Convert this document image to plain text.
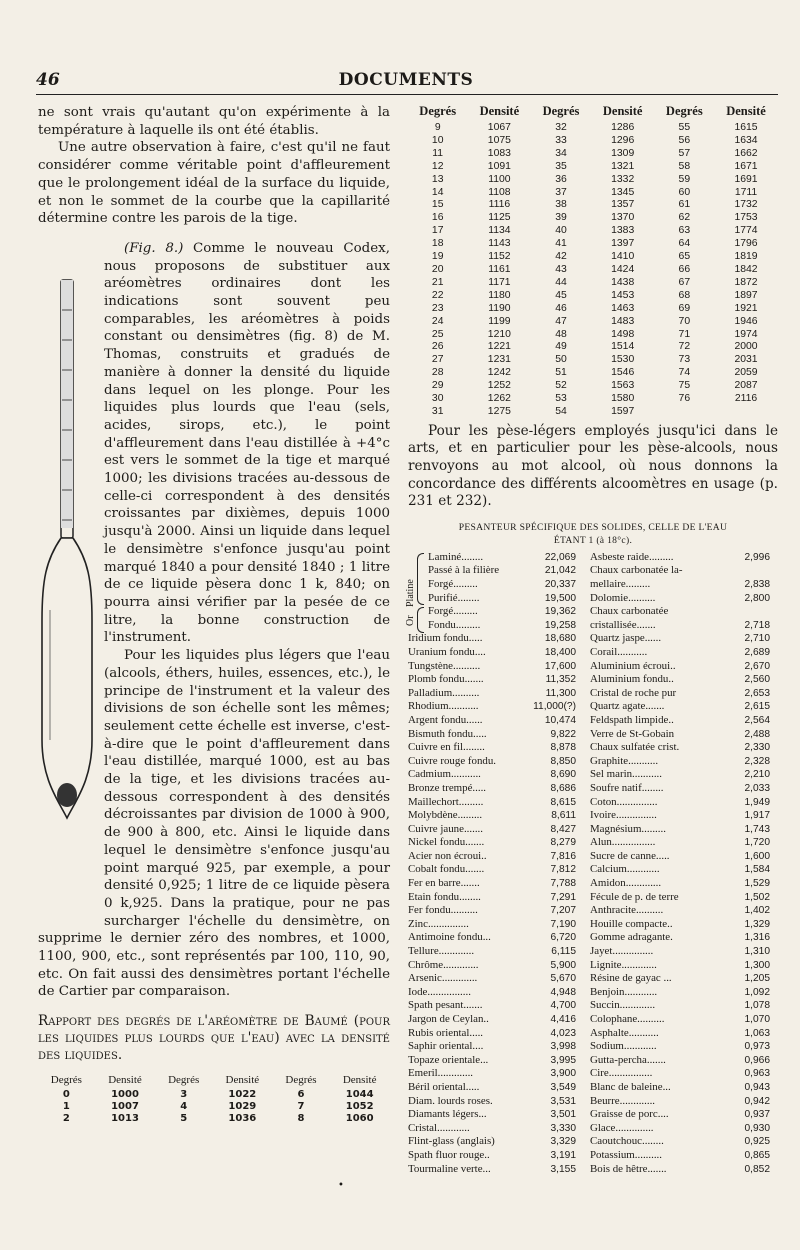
46	DOCUMENTS

ne sont vrais qu'autant qu'on expérimente à la température à laquelle ils ont été établis.

Une autre observation à faire, c'est qu'il ne faut considérer comme véritable point d'affleurement que le prolongement idéal de la surface du liquide, et non le sommet de la courbe que la capillarité détermine contre les parois de la tige.

(Fig. 8.) Comme le nouveau Codex, nous proposons de substituer aux aréomètres ordinaires dont les indications sont souvent peu comparables, les aréomètres à poids constant ou densimètres (fig. 8) de M. Thomas, construits et gradués de manière à donner la densité du liquide dans lequel on les plonge. Pour les liquides plus lourds que l'eau (sels, acides, sirops, etc.), le point d'affleurement dans l'eau distillée à +4°c est vers le sommet de la tige et marqué 1000; les divisions tracées au-dessous de celle-ci correspondent à des densités croissantes par dixièmes, depuis 1000 jusqu'à 2000. Ainsi un liquide dans lequel le densimètre s'enfonce jusqu'au point marqué 1840 a pour densité 1840 ; 1 litre de ce liquide pèsera donc 1 k, 840; on pourra ainsi vérifier par la pesée de ce litre, la bonne construction de l'instrument.

Pour les liquides plus légers que l'eau (alcools, éthers, huiles, essences, etc.), le principe de l'instrument et la valeur des divisions de son échelle sont les mêmes; seulement cette échelle est inverse, c'est-à-dire que le point d'affleurement dans l'eau distillée, marqué 1000, est au bas de la tige, et les divisions tracées au-dessous correspondent à des densités décroissantes par division de 1000 à 900, de 900 à 800, etc. Ainsi le liquide dans lequel le densimètre s'enfonce jusqu'au point marqué 925, par exemple, a pour densité 0,925; 1 litre de ce liquide pèsera 0 k,925. Dans la pratique, pour ne pas surcharger l'échelle du densimètre, on supprime le dernier zéro des nombres, et 1000, 1100, 900, etc., sont représentés par 100, 110, 90, etc. On fait aussi des densimètres portant l'échelle de Cartier par comparaison.

Rapport des degrés de l'aréomètre de Baumé (pour les liquides plus lourds que l'eau) avec la densité des liquides.

Degrés	Densité	Degrés	Densité	Degrés	Densité
0	1000	3	1022	6	1044
1	1007	4	1029	7	1052
2	1013	5	1036	8	1060
Degrés	Densité	Degrés	Densité	Degrés	Densité
9	1067	32	1286	55	1615
10	1075	33	1296	56	1634
11	1083	34	1309	57	1662
12	1091	35	1321	58	1671
13	1100	36	1332	59	1691
14	1108	37	1345	60	1711
15	1116	38	1357	61	1732
16	1125	39	1370	62	1753
17	1134	40	1383	63	1774
18	1143	41	1397	64	1796
19	1152	42	1410	65	1819
20	1161	43	1424	66	1842
21	1171	44	1438	67	1872
22	1180	45	1453	68	1897
23	1190	46	1463	69	1921
24	1199	47	1483	70	1946
25	1210	48	1498	71	1974
26	1221	49	1514	72	2000
27	1231	50	1530	73	2031
28	1242	51	1546	74	2059
29	1252	52	1563	75	2087
30	1262	53	1580	76	2116
31	1275	54	1597		

Pour les pèse-légers employés jusqu'ici dans le arts, et en particulier pour les pèse-alcools, nous renvoyons au mot alcool, où nous donnons la concordance des différents alcoomètres en usage (p. 231 et 232).

PESANTEUR SPÉCIFIQUE DES SOLIDES, CELLE DE L'EAU
ÉTANT 1 (à 18°c).
Platine
Or
Laminé........	22,069	Asbeste raide.........	2,996
Passé à la filière	21,042	Chaux carbonatée la-	
Forgé.........	20,337	mellaire.........	2,838
Purifié........	19,500	Dolomie..........	2,800
Forgé.........	19,362	Chaux carbonatée	
Fondu.........	19,258	cristallisée.......	2,718
Iridium fondu.....	18,680	Quartz jaspe......	2,710
Uranium fondu....	18,400	Corail...........	2,689
Tungstène..........	17,600	Aluminium écroui..	2,670
Plomb fondu.......	11,352	Aluminium fondu..	2,560
Palladium..........	11,300	Cristal de roche pur	2,653
Rhodium...........	11,000(?)	Quartz agate.......	2,615
Argent fondu......	10,474	Feldspath limpide..	2,564
Bismuth fondu.....	9,822	Verre de St-Gobain	2,488
Cuivre en fil........	8,878	Chaux sulfatée crist.	2,330
Cuivre rouge fondu.	8,850	Graphite...........	2,328
Cadmium...........	8,690	Sel marin...........	2,210
Bronze trempé.....	8,686	Soufre natif........	2,033
Maillechort.........	8,615	Coton...............	1,949
Molybdène.........	8,611	Ivoire...............	1,917
Cuivre jaune.......	8,427	Magnésium.........	1,743
Nickel fondu.......	8,279	Alun................	1,720
Acier non écroui..	7,816	Sucre de canne.....	1,600
Cobalt fondu.......	7,812	Calcium............	1,584
Fer en barre.......	7,788	Amidon.............	1,529
Etain fondu........	7,291	Fécule de p. de terre	1,502
Fer fondu..........	7,207	Anthracite..........	1,402
Zinc...............	7,190	Houille compacte..	1,329
Antimoine fondu...	6,720	Gomme adragante.	1,316
Tellure.............	6,115	Jayet...............	1,310
Chrôme.............	5,900	Lignite.............	1,300
Arsenic.............	5,670	Résine de gayac ...	1,205
Iode................	4,948	Benjoin............	1,092
Spath pesant.......	4,700	Succin.............	1,078
Jargon de Ceylan..	4,416	Colophane..........	1,070
Rubis oriental.....	4,023	Asphalte...........	1,063
Saphir oriental....	3,998	Sodium............	0,973
Topaze orientale...	3,995	Gutta-percha.......	0,966
Emeril.............	3,900	Cire................	0,963
Béril oriental.....	3,549	Blanc de baleine...	0,943
Diam. lourds roses.	3,531	Beurre.............	0,942
Diamants légers...	3,501	Graisse de porc....	0,937
Cristal............	3,330	Glace..............	0,930
Flint-glass (anglais)	3,329	Caoutchouc........	0,925
Spath fluor rouge..	3,191	Potassium..........	0,865
Tourmaline verte...	3,155	Bois de hêtre.......	0,852
•
